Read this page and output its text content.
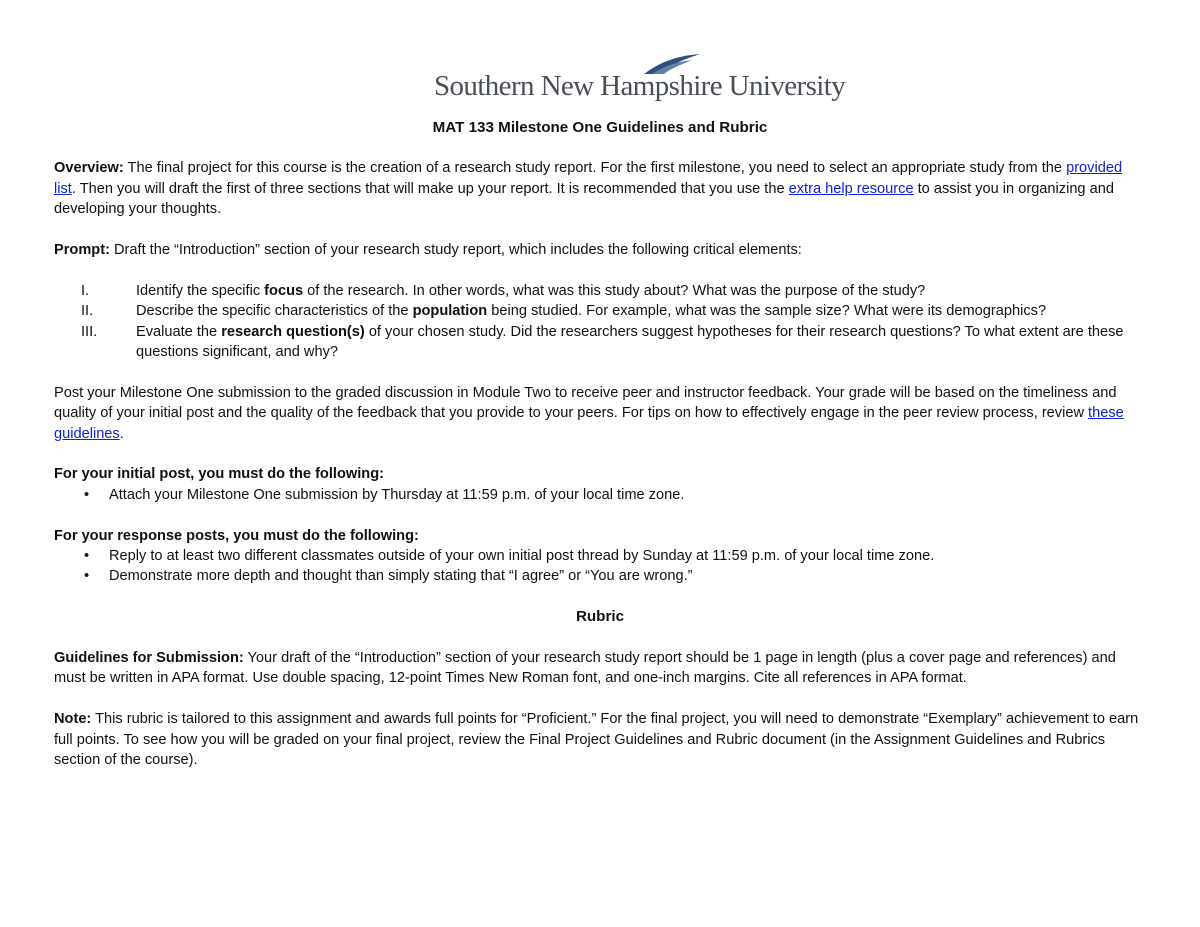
Southern New Hampshire University
MAT 133 Milestone One Guidelines and Rubric

Overview: The final project for this course is the creation of a research study report. For the first milestone, you need to select an appropriate study from the provided list. Then you will draft the first of three sections that will make up your report. It is recommended that you use the extra help resource to assist you in organizing and developing your thoughts.

Prompt: Draft the “Introduction” section of your research study report, which includes the following critical elements:

I.	Identify the specific focus of the research. In other words, what was this study about? What was the purpose of the study?
II.	Describe the specific characteristics of the population being studied. For example, what was the sample size? What were its demographics?
III.	Evaluate the research question(s) of your chosen study. Did the researchers suggest hypotheses for their research questions? To what extent are these questions significant, and why?

Post your Milestone One submission to the graded discussion in Module Two to receive peer and instructor feedback. Your grade will be based on the timeliness and quality of your initial post and the quality of the feedback that you provide to your peers. For tips on how to effectively engage in the peer review process, review these guidelines.

For your initial post, you must do the following:

•	Attach your Milestone One submission by Thursday at 11:59 p.m. of your local time zone.

For your response posts, you must do the following:

•	Reply to at least two different classmates outside of your own initial post thread by Sunday at 11:59 p.m. of your local time zone.
•	Demonstrate more depth and thought than simply stating that “I agree” or “You are wrong.”

Rubric

Guidelines for Submission: Your draft of the “Introduction” section of your research study report should be 1 page in length (plus a cover page and references) and must be written in APA format. Use double spacing, 12-point Times New Roman font, and one-inch margins. Cite all references in APA format.

Note: This rubric is tailored to this assignment and awards full points for “Proficient.” For the final project, you will need to demonstrate “Exemplary” achievement to earn full points. To see how you will be graded on your final project, review the Final Project Guidelines and Rubric document (in the Assignment Guidelines and Rubrics section of the course).
